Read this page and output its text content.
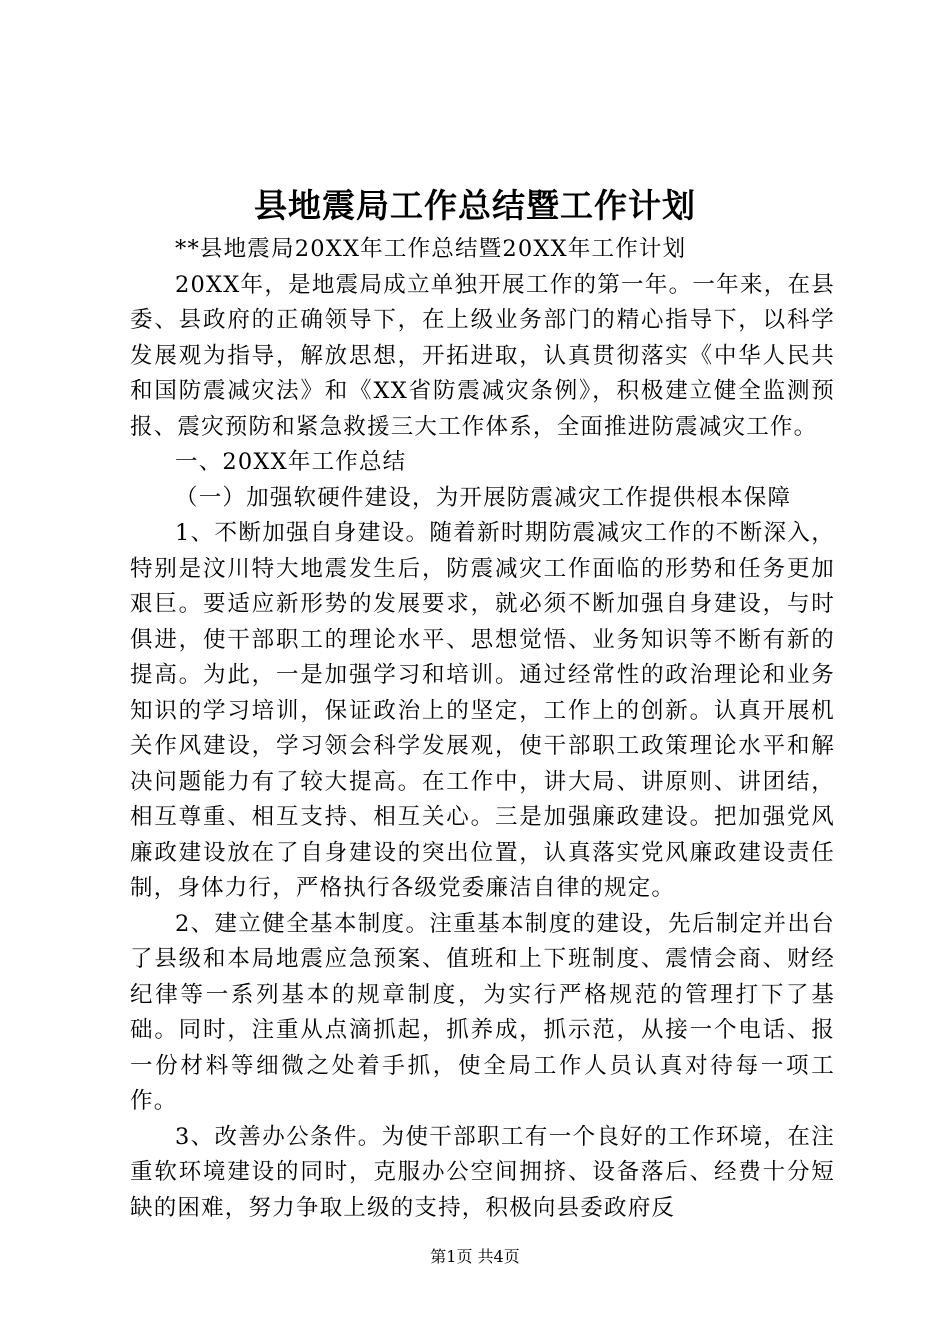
县地震局工作总结暨工作计划

**县地震局20XX年工作总结暨20XX年工作计划

20XX年，是地震局成立单独开展工作的第一年。一年来，在县委、县政府的正确领导下，在上级业务部门的精心指导下，以科学发展观为指导，解放思想，开拓进取，认真贯彻落实《中华人民共和国防震减灾法》和《XX省防震减灾条例》，积极建立健全监测预报、震灾预防和紧急救援三大工作体系，全面推进防震减灾工作。

一、20XX年工作总结

（一）加强软硬件建设，为开展防震减灾工作提供根本保障

1、不断加强自身建设。随着新时期防震减灾工作的不断深入，特别是汶川特大地震发生后，防震减灾工作面临的形势和任务更加艰巨。要适应新形势的发展要求，就必须不断加强自身建设，与时俱进，使干部职工的理论水平、思想觉悟、业务知识等不断有新的提高。为此，一是加强学习和培训。通过经常性的政治理论和业务知识的学习培训，保证政治上的坚定，工作上的创新。认真开展机关作风建设，学习领会科学发展观，使干部职工政策理论水平和解决问题能力有了较大提高。在工作中，讲大局、讲原则、讲团结，相互尊重、相互支持、相互关心。三是加强廉政建设。把加强党风廉政建设放在了自身建设的突出位置，认真落实党风廉政建设责任制，身体力行，严格执行各级党委廉洁自律的规定。

2、建立健全基本制度。注重基本制度的建设，先后制定并出台了县级和本局地震应急预案、值班和上下班制度、震情会商、财经纪律等一系列基本的规章制度，为实行严格规范的管理打下了基础。同时，注重从点滴抓起，抓养成，抓示范，从接一个电话、报一份材料等细微之处着手抓，使全局工作人员认真对待每一项工作。

3、改善办公条件。为使干部职工有一个良好的工作环境，在注重软环境建设的同时，克服办公空间拥挤、设备落后、经费十分短缺的困难，努力争取上级的支持，积极向县委政府反

第1页 共4页
